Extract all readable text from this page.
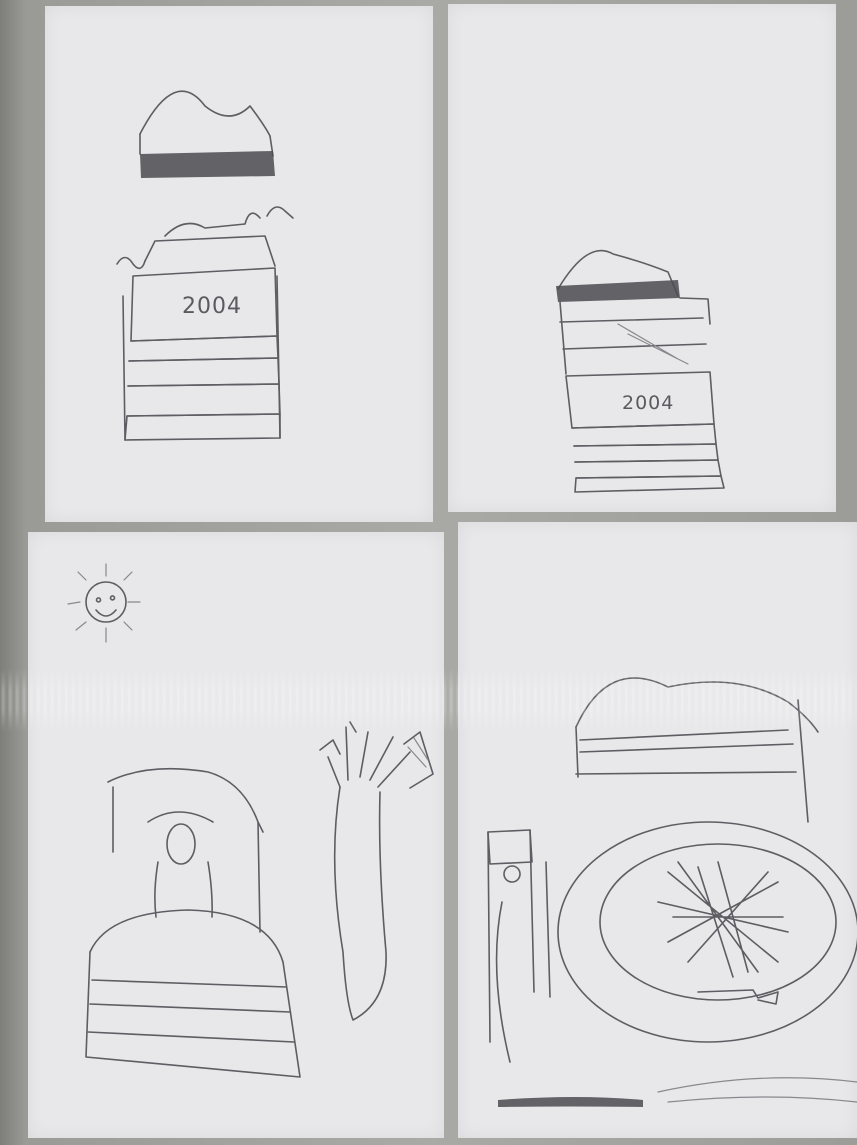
2004
2004
